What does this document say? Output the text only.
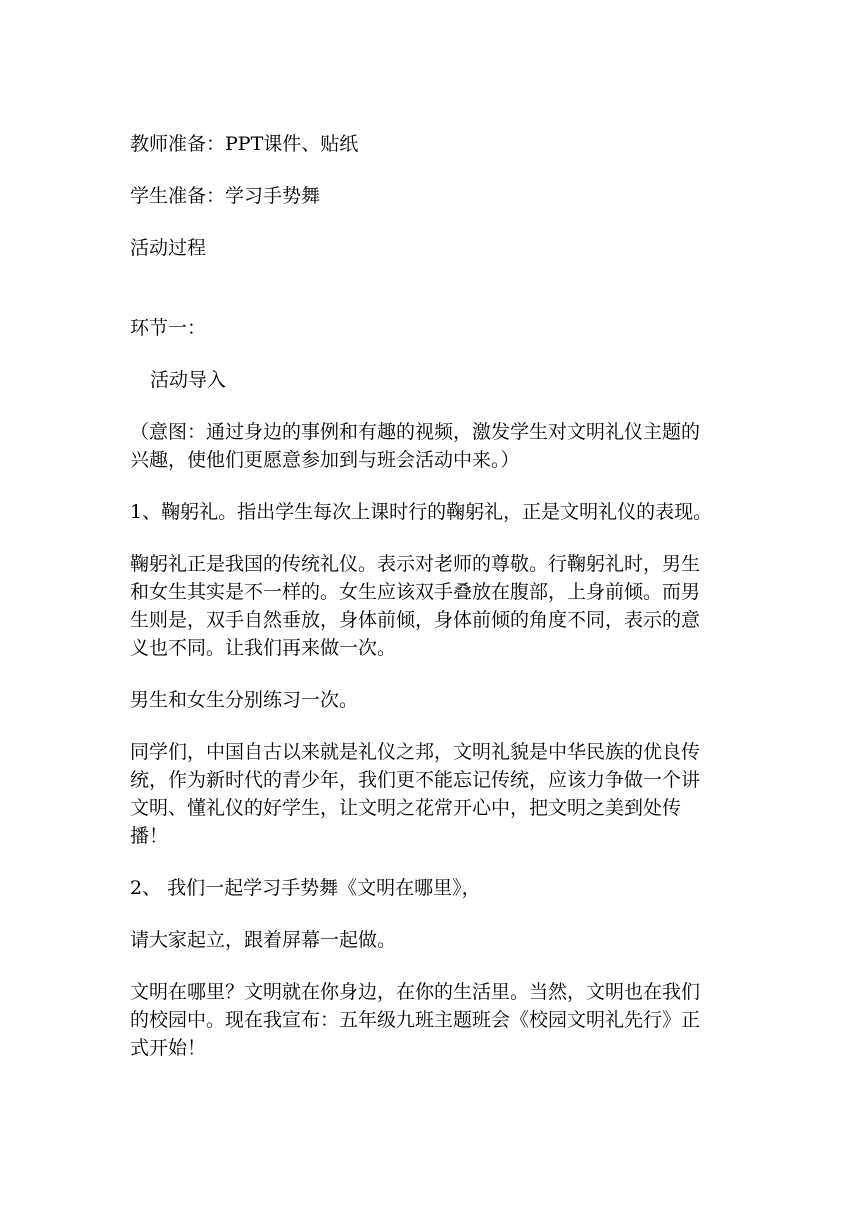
教师准备：PPT课件、贴纸

学生准备：学习手势舞

活动过程

环节一：

活动导入

（意图：通过身边的事例和有趣的视频，激发学生对文明礼仪主题的
兴趣，使他们更愿意参加到与班会活动中来。）

1、鞠躬礼。指出学生每次上课时行的鞠躬礼，正是文明礼仪的表现。

鞠躬礼正是我国的传统礼仪。表示对老师的尊敬。行鞠躬礼时，男生
和女生其实是不一样的。女生应该双手叠放在腹部，上身前倾。而男
生则是，双手自然垂放，身体前倾，身体前倾的角度不同，表示的意
义也不同。让我们再来做一次。

男生和女生分别练习一次。

同学们，中国自古以来就是礼仪之邦，文明礼貌是中华民族的优良传
统，作为新时代的青少年，我们更不能忘记传统，应该力争做一个讲
文明、懂礼仪的好学生，让文明之花常开心中，把文明之美到处传
播！

2、 我们一起学习手势舞《文明在哪里》，

请大家起立，跟着屏幕一起做。

文明在哪里？文明就在你身边，在你的生活里。当然，文明也在我们
的校园中。现在我宣布：五年级九班主题班会《校园文明礼先行》正
式开始！
